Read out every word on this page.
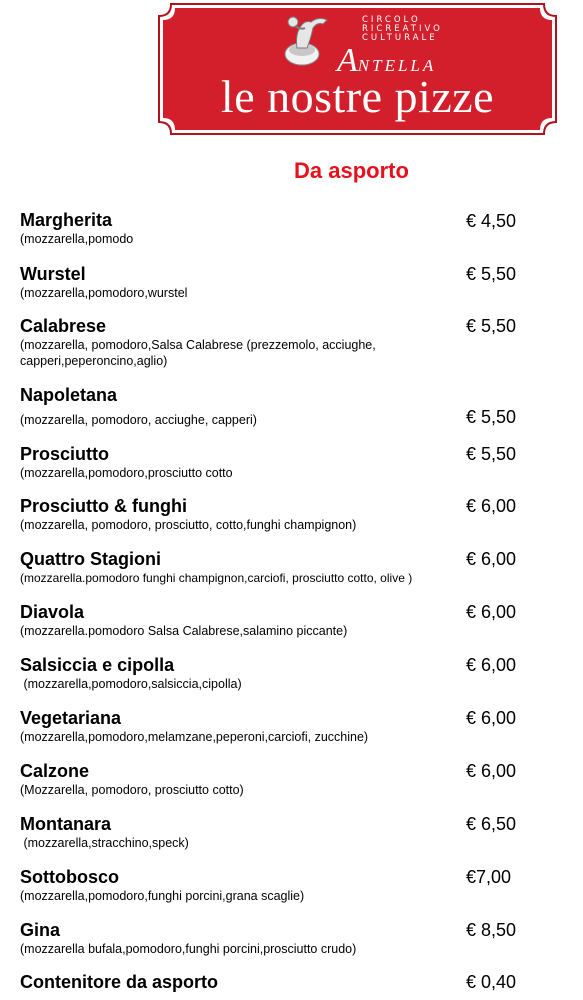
CIRCOLO
RICREATIVO
CULTURALE
ANTELLA
le nostre pizze
Da asporto
Margherita
(mozzarella,pomodo
€ 4,50
Wurstel
(mozzarella,pomodoro,wurstel
€ 5,50
Calabrese
(mozzarella, pomodoro,Salsa Calabrese (prezzemolo, acciughe, capperi,peperoncino,aglio)
€ 5,50
Napoletana
(mozzarella, pomodoro, acciughe, capperi)	€ 5,50
Prosciutto
(mozzarella,pomodoro,prosciutto cotto
€ 5,50
Prosciutto & funghi
(mozzarella, pomodoro, prosciutto, cotto,funghi champignon)
€ 6,00
Quattro Stagioni
(mozzarella.pomodoro funghi champignon,carciofi, prosciutto cotto, olive )
€ 6,00
Diavola
(mozzarella.pomodoro Salsa Calabrese,salamino piccante)
€ 6,00
Salsiccia e cipolla
(mozzarella,pomodoro,salsiccia,cipolla)
€ 6,00
Vegetariana
(mozzarella,pomodoro,melamzane,peperoni,carciofi, zucchine)
€ 6,00
Calzone
(Mozzarella, pomodoro, prosciutto cotto)
€ 6,00
Montanara
(mozzarella,stracchino,speck)
€ 6,50
Sottobosco
(mozzarella,pomodoro,funghi porcini,grana scaglie)
€7,00
Gina
(mozzarella bufala,pomodoro,funghi porcini,prosciutto crudo)
€ 8,50
Contenitore da asporto	€ 0,40
